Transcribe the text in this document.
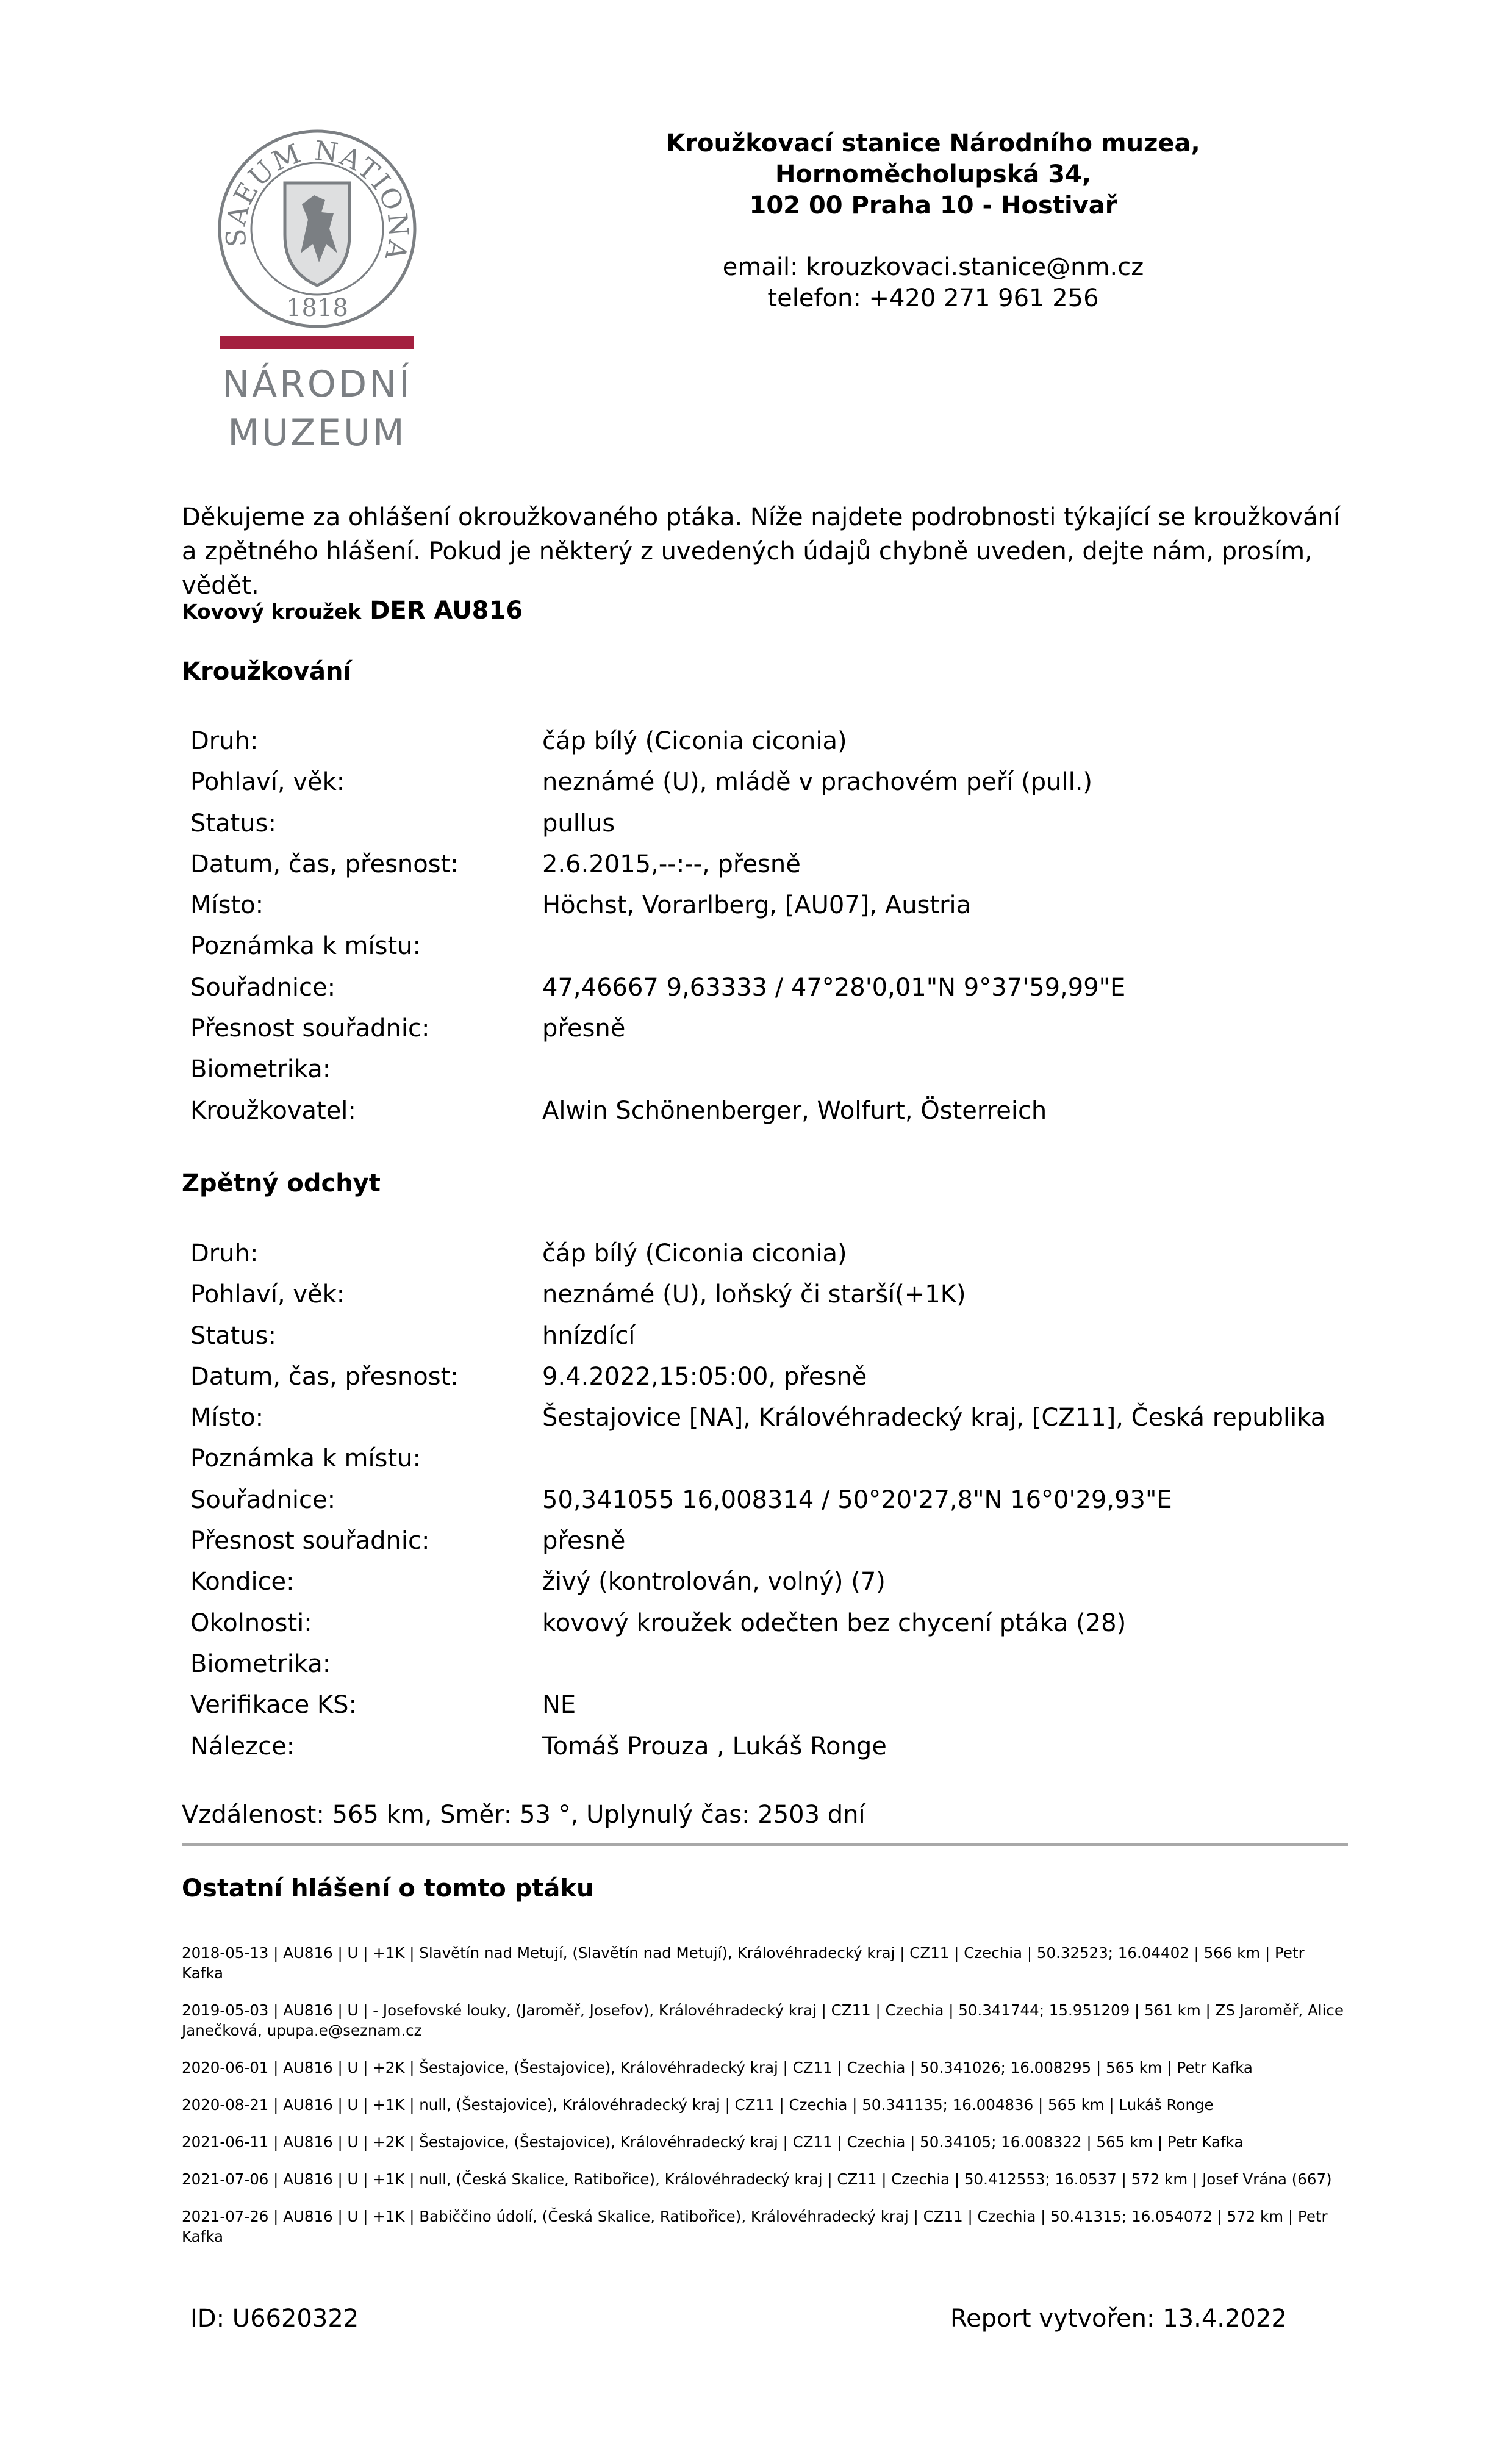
SAEUM NATIONA
1818
NÁRODNÍ
MUZEUM
Kroužkovací stanice Národního muzea,
Hornoměcholupská 34,
102 00 Praha 10 - Hostivař
email: krouzkovaci.stanice@nm.cz
telefon: +420 271 961 256

Děkujeme za ohlášení okroužkovaného ptáka. Níže najdete podrobnosti týkající se kroužkování a zpětného hlášení. Pokud je některý z uvedených údajů chybně uveden, dejte nám, prosím, vědět.

Kovový kroužek DER AU816
Kroužkování
Druh:	čáp bílý (Ciconia ciconia)
Pohlaví, věk:	neznámé (U), mládě v prachovém peří (pull.)
Status:	pullus
Datum, čas, přesnost:	2.6.2015,--:--, přesně
Místo:	Höchst, Vorarlberg, [AU07], Austria
Poznámka k místu:
Souřadnice:	47,46667 9,63333 / 47°28'0,01"N 9°37'59,99"E
Přesnost souřadnic:	přesně
Biometrika:
Kroužkovatel:	Alwin Schönenberger, Wolfurt, Österreich
Zpětný odchyt
Druh:	čáp bílý (Ciconia ciconia)
Pohlaví, věk:	neznámé (U), loňský či starší(+1K)
Status:	hnízdící
Datum, čas, přesnost:	9.4.2022,15:05:00, přesně
Místo:	Šestajovice [NA], Královéhradecký kraj, [CZ11], Česká republika
Poznámka k místu:
Souřadnice:	50,341055 16,008314 / 50°20'27,8"N 16°0'29,93"E
Přesnost souřadnic:	přesně
Kondice:	živý (kontrolován, volný) (7)
Okolnosti:	kovový kroužek odečten bez chycení ptáka (28)
Biometrika:
Verifikace KS:	NE
Nálezce:	Tomáš Prouza , Lukáš Ronge
Vzdálenost: 565 km, Směr: 53 °, Uplynulý čas: 2503 dní
Ostatní hlášení o tomto ptáku
2018-05-13 | AU816 | U | +1K | Slavětín nad Metují, (Slavětín nad Metují), Královéhradecký kraj | CZ11 | Czechia | 50.32523; 16.04402 | 566 km | Petr Kafka
2019-05-03 | AU816 | U | - Josefovské louky, (Jaroměř, Josefov), Královéhradecký kraj | CZ11 | Czechia | 50.341744; 15.951209 | 561 km | ZS Jaroměř, Alice Janečková, upupa.e@seznam.cz
2020-06-01 | AU816 | U | +2K | Šestajovice, (Šestajovice), Královéhradecký kraj | CZ11 | Czechia | 50.341026; 16.008295 | 565 km | Petr Kafka
2020-08-21 | AU816 | U | +1K | null, (Šestajovice), Královéhradecký kraj | CZ11 | Czechia | 50.341135; 16.004836 | 565 km | Lukáš Ronge
2021-06-11 | AU816 | U | +2K | Šestajovice, (Šestajovice), Královéhradecký kraj | CZ11 | Czechia | 50.34105; 16.008322 | 565 km | Petr Kafka
2021-07-06 | AU816 | U | +1K | null, (Česká Skalice, Ratibořice), Královéhradecký kraj | CZ11 | Czechia | 50.412553; 16.0537 | 572 km | Josef Vrána (667)
2021-07-26 | AU816 | U | +1K | Babiččino údolí, (Česká Skalice, Ratibořice), Královéhradecký kraj | CZ11 | Czechia | 50.41315; 16.054072 | 572 km | Petr Kafka
ID: U6620322	Report vytvořen: 13.4.2022
